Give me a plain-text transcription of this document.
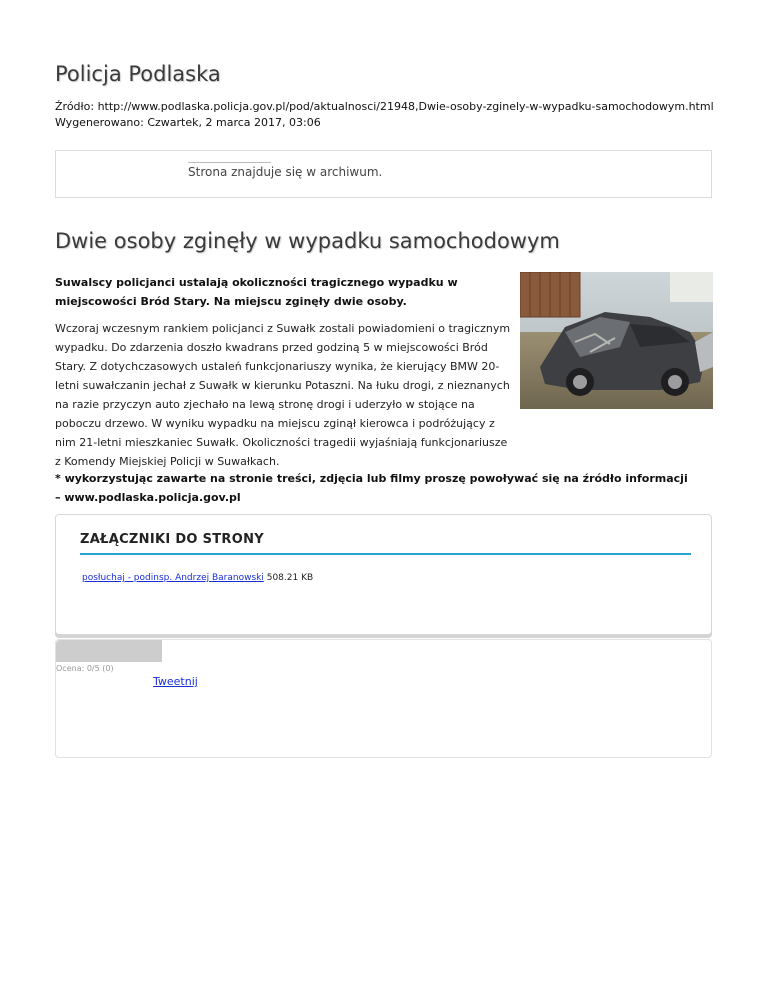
Policja Podlaska
Źródło: http://www.podlaska.policja.gov.pl/pod/aktualnosci/21948,Dwie-osoby-zginely-w-wypadku-samochodowym.html
Wygenerowano: Czwartek, 2 marca 2017, 03:06
Strona znajduje się w archiwum.
Dwie osoby zginęły w wypadku samochodowym

Suwalscy policjanci ustalają okoliczności tragicznego wypadku w miejscowości Bród Stary. Na miejscu zginęły dwie osoby.

Wczoraj wczesnym rankiem policjanci z Suwałk zostali powiadomieni o tragicznym wypadku. Do zdarzenia doszło kwadrans przed godziną 5 w miejscowości Bród Stary. Z dotychczasowych ustaleń funkcjonariuszy wynika, że kierujący BMW 20-letni suwałczanin jechał z Suwałk w kierunku Potaszni. Na łuku drogi, z nieznanych na razie przyczyn auto zjechało na lewą stronę drogi i uderzyło w stojące na poboczu drzewo. W wyniku wypadku na miejscu zginął kierowca i podróżujący z nim 21-letni mieszkaniec Suwałk. Okoliczności tragedii wyjaśniają funkcjonariusze z Komendy Miejskiej Policji w Suwałkach.

* wykorzystując zawarte na stronie treści, zdjęcia lub filmy proszę powoływać się na źródło informacji – www.podlaska.policja.gov.pl

ZAŁĄCZNIKI DO STRONY
posłuchaj - podinsp. Andrzej Baranowski 508.21 KB
Ocena: 0/5 (0)
Tweetnij
